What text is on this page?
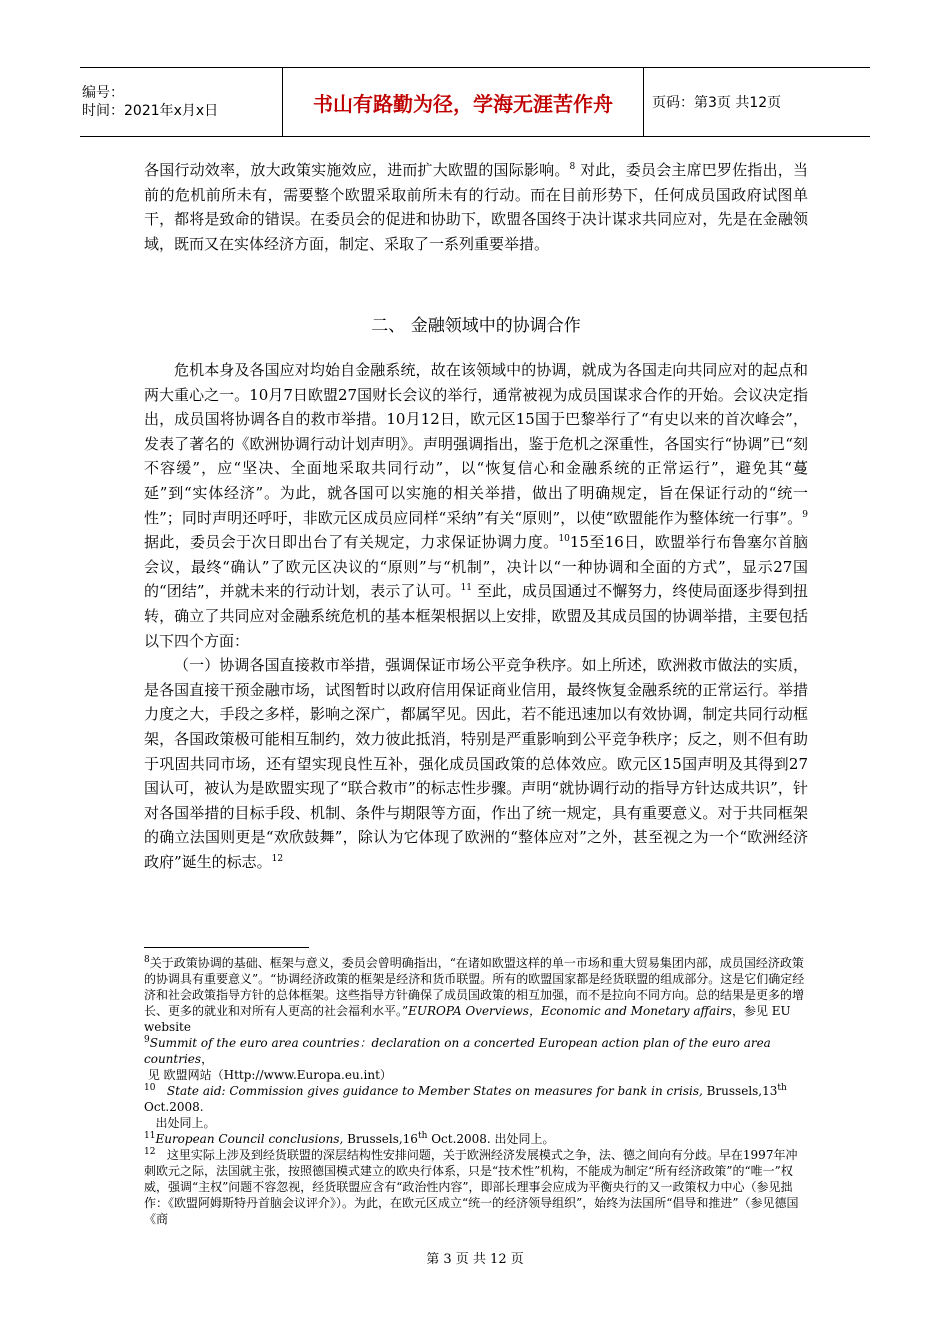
编号：
时间：2021年x月x日	书山有路勤为径，学海无涯苦作舟	页码：第3页 共12页

各国行动效率，放大政策实施效应，进而扩大欧盟的国际影响。$^8$ 对此，委员会主席巴罗佐指出，当前的危机前所未有，需要整个欧盟采取前所未有的行动。而在目前形势下，任何成员国政府试图单干，都将是致命的错误。在委员会的促进和协助下，欧盟各国终于决计谋求共同应对，先是在金融领域，既而又在实体经济方面，制定、采取了一系列重要举措。

二、 金融领域中的协调合作

危机本身及各国应对均始自金融系统，故在该领域中的协调，就成为各国走向共同应对的起点和两大重心之一。10月7日欧盟27国财长会议的举行，通常被视为成员国谋求合作的开始。会议决定指出，成员国将协调各自的救市举措。10月12日，欧元区15国于巴黎举行了“有史以来的首次峰会”，发表了著名的《欧洲协调行动计划声明》。声明强调指出，鉴于危机之深重性，各国实行“协调”已“刻不容缓”，应“坚决、全面地采取共同行动”，以“恢复信心和金融系统的正常运行”，避免其“蔓延”到“实体经济”。为此，就各国可以实施的相关举措，做出了明确规定，旨在保证行动的“统一性”；同时声明还呼吁，非欧元区成员应同样“采纳”有关“原则”，以使“欧盟能作为整体统一行事”。$^9$据此，委员会于次日即出台了有关规定，力求保证协调力度。$^{10}$15至16日，欧盟举行布鲁塞尔首脑会议，最终“确认”了欧元区决议的“原则”与“机制”，决计以“一种协调和全面的方式”，显示27国的“团结”，并就未来的行动计划，表示了认可。$^{11}$ 至此，成员国通过不懈努力，终使局面逐步得到扭转，确立了共同应对金融系统危机的基本框架根据以上安排，欧盟及其成员国的协调举措，主要包括以下四个方面：

（一）协调各国直接救市举措，强调保证市场公平竞争秩序。如上所述，欧洲救市做法的实质，是各国直接干预金融市场，试图暂时以政府信用保证商业信用，最终恢复金融系统的正常运行。举措力度之大，手段之多样，影响之深广，都属罕见。因此，若不能迅速加以有效协调，制定共同行动框架，各国政策极可能相互制约，效力彼此抵消，特别是严重影响到公平竞争秩序；反之，则不但有助于巩固共同市场，还有望实现良性互补，强化成员国政策的总体效应。欧元区15国声明及其得到27国认可，被认为是欧盟实现了“联合救市”的标志性步骤。声明“就协调行动的指导方针达成共识”，针对各国举措的目标手段、机制、条件与期限等方面，作出了统一规定，具有重要意义。对于共同框架的确立法国则更是“欢欣鼓舞”，除认为它体现了欧洲的“整体应对”之外，甚至视之为一个“欧洲经济政府”诞生的标志。$^{12}$

$^8$关于政策协调的基础、框架与意义，委员会曾明确指出，“在诸如欧盟这样的单一市场和重大贸易集团内部，成员国经济政策的协调具有重要意义”。“协调经济政策的框架是经济和货币联盟。所有的欧盟国家都是经货联盟的组成部分。这是它们确定经济和社会政策指导方针的总体框架。这些指导方针确保了成员国政策的相互加强，而不是拉向不同方向。总的结果是更多的增长、更多的就业和对所有人更高的社会福利水平。”EUROPA Overviews，Economic and Monetary affairs，参见 EU website

$^9$Summit of the euro area countries：declaration on a concerted European action plan of the euro area countries，

见 欧盟网站（Http://www.Europa.eu.int）

$^{10}$ State aid: Commission gives guidance to Member States on measures for bank in crisis, Brussels,13th Oct.2008.

出处同上。

$^{11}$European Council conclusions, Brussels,16th Oct.2008. 出处同上。

$^{12}$ 这里实际上涉及到经货联盟的深层结构性安排问题，关于欧洲经济发展模式之争，法、德之间向有分歧。早在1997年冲刺欧元之际，法国就主张，按照德国模式建立的欧央行体系，只是“技术性”机构，不能成为制定“所有经济政策”的“唯一”权威，强调“主权”问题不容忽视，经货联盟应含有“政治性内容”，即部长理事会应成为平衡央行的又一政策权力中心（参见拙作：《欧盟阿姆斯特丹首脑会议评介》）。为此，在欧元区成立“统一的经济领导组织”，始终为法国所“倡导和推进”（参见德国《商

第 3 页 共 12 页
